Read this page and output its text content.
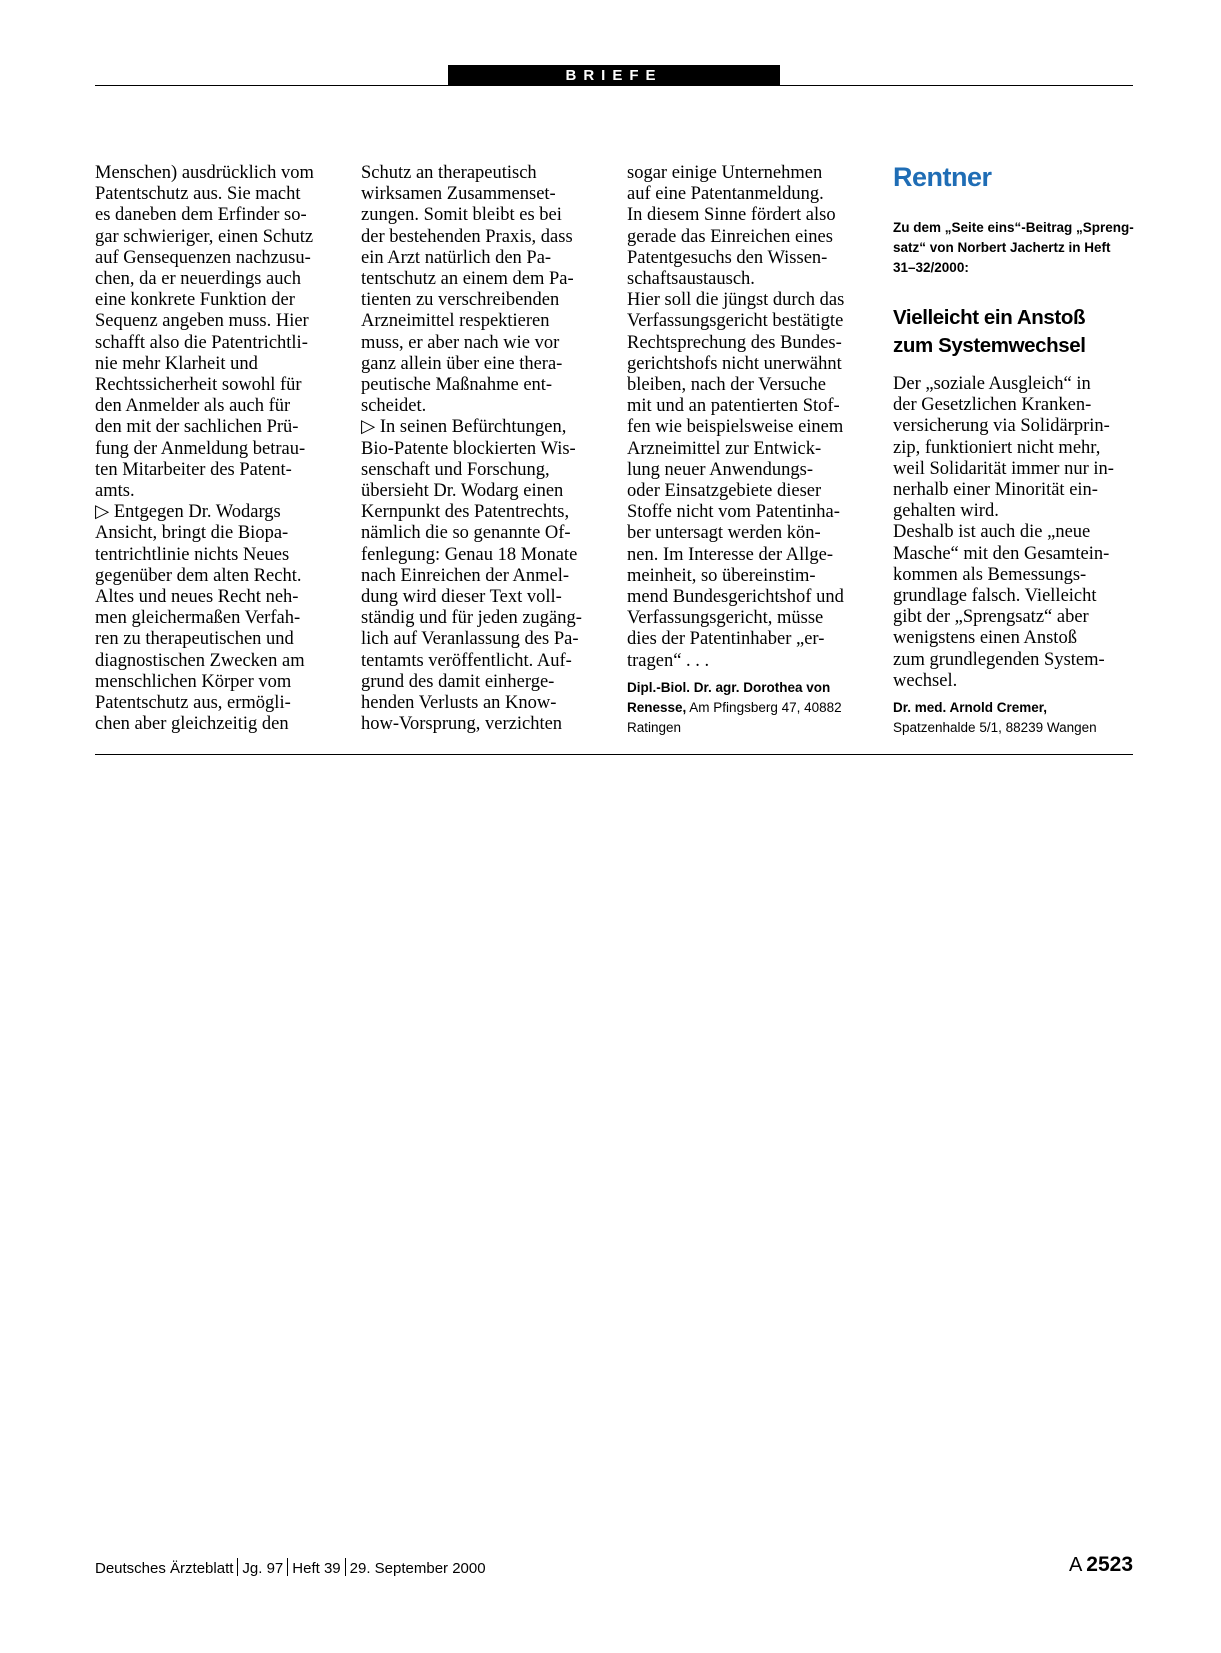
BRIEFE

Menschen) ausdrücklich vom

Patentschutz aus. Sie macht

es daneben dem Erfinder so-

gar schwieriger, einen Schutz

auf Gensequenzen nachzusu-

chen, da er neuerdings auch

eine konkrete Funktion der

Sequenz angeben muss. Hier

schafft also die Patentrichtli-

nie mehr Klarheit und

Rechtssicherheit sowohl für

den Anmelder als auch für

den mit der sachlichen Prü-

fung der Anmeldung betrau-

ten Mitarbeiter des Patent-

amts.

▷ Entgegen Dr. Wodargs

Ansicht, bringt die Biopa-

tentrichtlinie nichts Neues

gegenüber dem alten Recht.

Altes und neues Recht neh-

men gleichermaßen Verfah-

ren zu therapeutischen und

diagnostischen Zwecken am

menschlichen Körper vom

Patentschutz aus, ermögli-

chen aber gleichzeitig den

Schutz an therapeutisch

wirksamen Zusammenset-

zungen. Somit bleibt es bei

der bestehenden Praxis, dass

ein Arzt natürlich den Pa-

tentschutz an einem dem Pa-

tienten zu verschreibenden

Arzneimittel respektieren

muss, er aber nach wie vor

ganz allein über eine thera-

peutische Maßnahme ent-

scheidet.

▷ In seinen Befürchtungen,

Bio-Patente blockierten Wis-

senschaft und Forschung,

übersieht Dr. Wodarg einen

Kernpunkt des Patentrechts,

nämlich die so genannte Of-

fenlegung: Genau 18 Monate

nach Einreichen der Anmel-

dung wird dieser Text voll-

ständig und für jeden zugäng-

lich auf Veranlassung des Pa-

tentamts veröffentlicht. Auf-

grund des damit einherge-

henden Verlusts an Know-

how-Vorsprung, verzichten

sogar einige Unternehmen

auf eine Patentanmeldung.

In diesem Sinne fördert also

gerade das Einreichen eines

Patentgesuchs den Wissen-

schaftsaustausch.

Hier soll die jüngst durch das

Verfassungsgericht bestätigte

Rechtsprechung des Bundes-

gerichtshofs nicht unerwähnt

bleiben, nach der Versuche

mit und an patentierten Stof-

fen wie beispielsweise einem

Arzneimittel zur Entwick-

lung neuer Anwendungs-

oder Einsatzgebiete dieser

Stoffe nicht vom Patentinha-

ber untersagt werden kön-

nen. Im Interesse der Allge-

meinheit, so übereinstim-

mend Bundesgerichtshof und

Verfassungsgericht, müsse

dies der Patentinhaber „er-

tragen“ . . .

Dipl.-Biol. Dr. agr. Dorothea von

Renesse, Am Pfingsberg 47, 40882

Ratingen

Rentner

Zu dem „Seite eins“-Beitrag „Spreng-

satz“ von Norbert Jachertz in Heft

31–32/2000:

Vielleicht ein Anstoß

zum Systemwechsel

Der „soziale Ausgleich“ in

der Gesetzlichen Kranken-

versicherung via Solidärprin-

zip, funktioniert nicht mehr,

weil Solidarität immer nur in-

nerhalb einer Minorität ein-

gehalten wird.

Deshalb ist auch die „neue

Masche“ mit den Gesamtein-

kommen als Bemessungs-

grundlage falsch. Vielleicht

gibt der „Sprengsatz“ aber

wenigstens einen Anstoß

zum grundlegenden System-

wechsel.

Dr. med. Arnold Cremer,

Spatzenhalde 5/1, 88239 Wangen

Deutsches Ärzteblatt Jg. 97 Heft 39 29. September 2000	A 2523
